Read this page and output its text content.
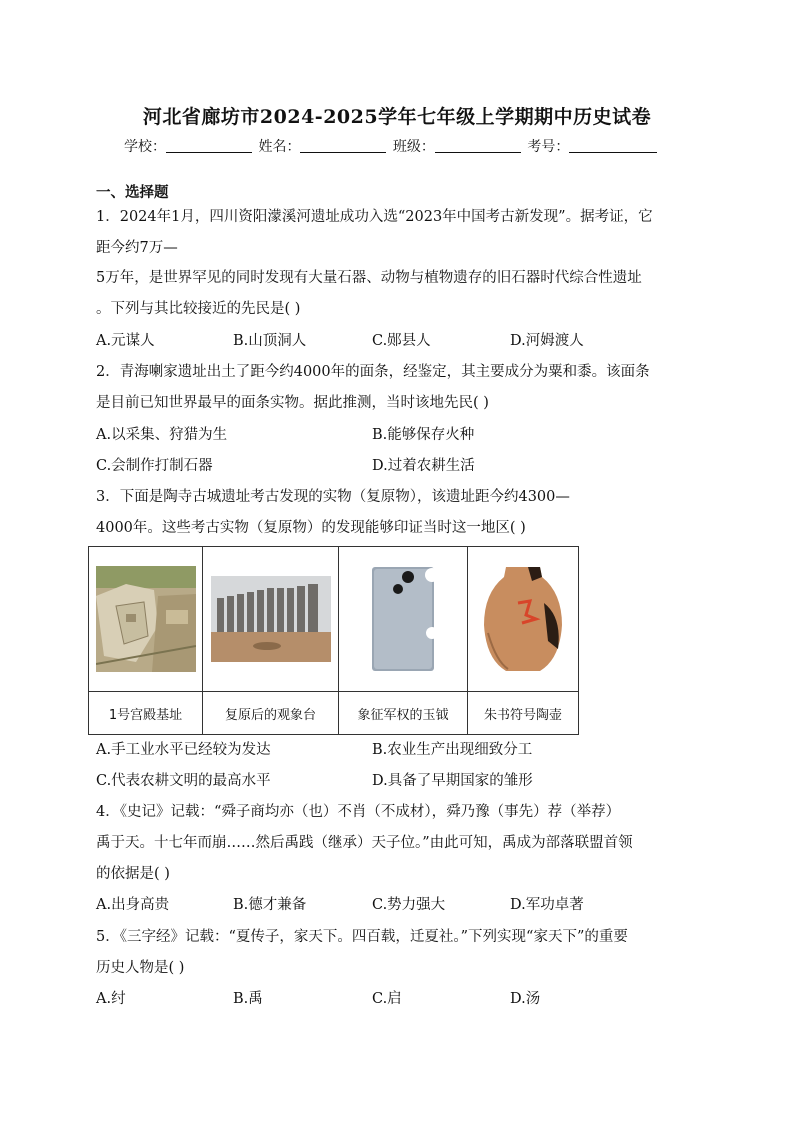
河北省廊坊市2024-2025学年七年级上学期期中历史试卷
学校：	姓名：	班级：	考号：
一、选择题
1．2024年1月，四川资阳濛溪河遗址成功入选“2023年中国考古新发现”。据考证，它
距今约7万—
5万年，是世界罕见的同时发现有大量石器、动物与植物遗存的旧石器时代综合性遗址
。下列与其比较接近的先民是( )
A.元谋人	B.山顶洞人	C.郧县人	D.河姆渡人
2．青海喇家遗址出土了距今约4000年的面条，经鉴定，其主要成分为粟和黍。该面条
是目前已知世界最早的面条实物。据此推测，当时该地先民( )
A.以采集、狩猎为生	B.能够保存火种
C.会制作打制石器	D.过着农耕生活
3．下面是陶寺古城遗址考古发现的实物（复原物），该遗址距今约4300—
4000年。这些考古实物（复原物）的发现能够印证当时这一地区( )

1号宫殿基址	复原后的观象台	象征军权的玉钺	朱书符号陶壶
A.手工业水平已经较为发达	B.农业生产出现细致分工
C.代表农耕文明的最高水平	D.具备了早期国家的雏形
4．《史记》记载：“舜子商均亦（也）不肖（不成材），舜乃豫（事先）荐（举荐）
禹于天。十七年而崩……然后禹践（继承）天子位。”由此可知，禹成为部落联盟首领
的依据是( )
A.出身高贵	B.德才兼备	C.势力强大	D.军功卓著
5．《三字经》记载：“夏传子，家天下。四百载，迁夏社。”下列实现“家天下”的重要
历史人物是( )
A.纣	B.禹	C.启	D.汤
